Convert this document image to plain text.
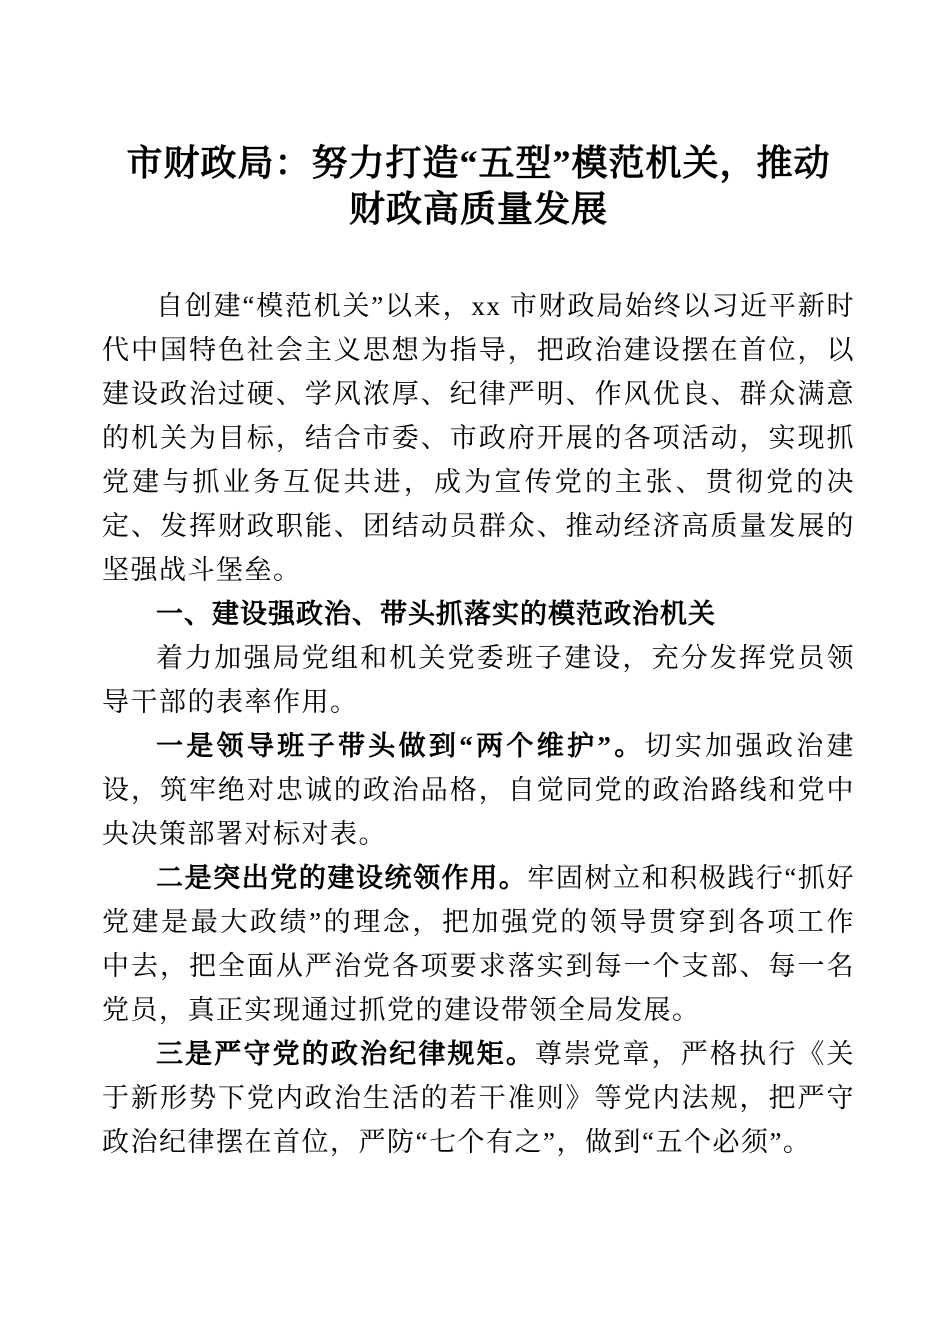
市财政局：努力打造“五型”模范机关，推动
财政高质量发展

自创建“模范机关”以来，xx 市财政局始终以习近平新时代中国特色社会主义思想为指导，把政治建设摆在首位，以建设政治过硬、学风浓厚、纪律严明、作风优良、群众满意的机关为目标，结合市委、市政府开展的各项活动，实现抓党建与抓业务互促共进，成为宣传党的主张、贯彻党的决定、发挥财政职能、团结动员群众、推动经济高质量发展的坚强战斗堡垒。

一、建设强政治、带头抓落实的模范政治机关

着力加强局党组和机关党委班子建设，充分发挥党员领导干部的表率作用。

一是领导班子带头做到“两个维护”。切实加强政治建设，筑牢绝对忠诚的政治品格，自觉同党的政治路线和党中央决策部署对标对表。

二是突出党的建设统领作用。牢固树立和积极践行“抓好党建是最大政绩”的理念，把加强党的领导贯穿到各项工作中去，把全面从严治党各项要求落实到每一个支部、每一名党员，真正实现通过抓党的建设带领全局发展。

三是严守党的政治纪律规矩。尊崇党章，严格执行《关于新形势下党内政治生活的若干准则》等党内法规，把严守政治纪律摆在首位，严防“七个有之”，做到“五个必须”。
